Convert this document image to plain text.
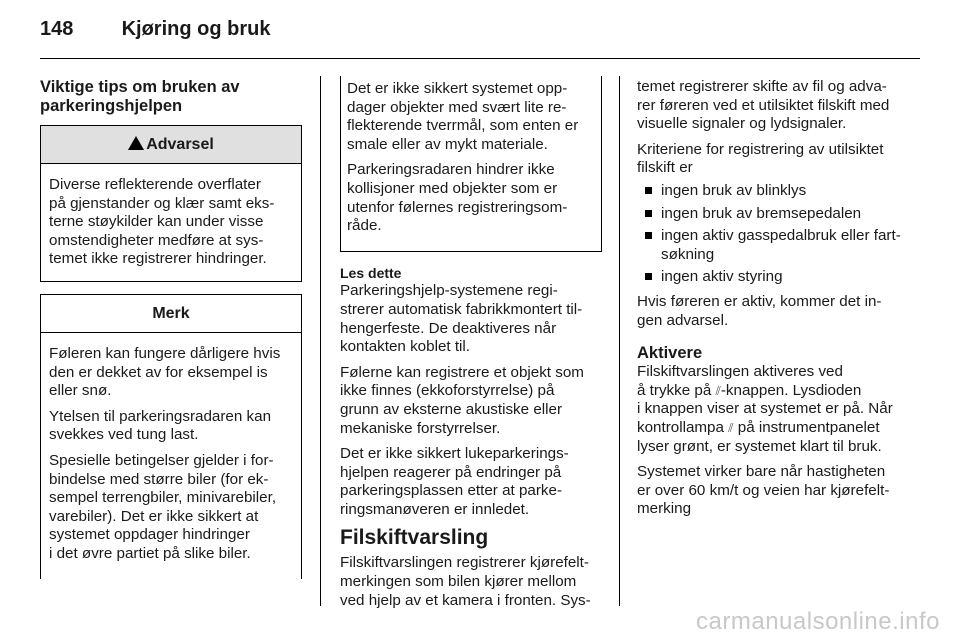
148 Kjøring og bruk
Viktige tips om bruken av parkeringshjelpen
Advarsel
Diverse reflekterende overflater
på gjenstander og klær samt eks-
terne støykilder kan under visse
omstendigheter medføre at sys-
temet ikke registrerer hindringer.
Merk

Føleren kan fungere dårligere hvis
den er dekket av for eksempel is
eller snø.

Ytelsen til parkeringsradaren kan
svekkes ved tung last.

Spesielle betingelser gjelder i for-
bindelse med større biler (for ek-
sempel terrengbiler, minivarebiler,
varebiler). Det er ikke sikkert at
systemet oppdager hindringer
i det øvre partiet på slike biler.

Det er ikke sikkert systemet opp-
dager objekter med svært lite re-
flekterende tverrmål, som enten er
smale eller av mykt materiale.

Parkeringsradaren hindrer ikke
kollisjoner med objekter som er
utenfor følernes registreringsom-
råde.

Les dette

Parkeringshjelp-systemene regi-
strerer automatisk fabrikkmontert til-
hengerfeste. De deaktiveres når
kontakten koblet til.

Følerne kan registrere et objekt som
ikke finnes (ekkoforstyrrelse) på
grunn av eksterne akustiske eller
mekaniske forstyrrelser.

Det er ikke sikkert lukeparkerings-
hjelpen reagerer på endringer på
parkeringsplassen etter at parke-
ringsmanøveren er innledet.

Filskiftvarsling
Filskiftvarslingen registrerer kjørefelt-
merkingen som bilen kjører mellom
ved hjelp av et kamera i fronten. Sys-

temet registrerer skifte av fil og adva-
rer føreren ved et utilsiktet filskift med
visuelle signaler og lydsignaler.

Kriteriene for registrering av utilsiktet
filskift er

ingen bruk av blinklys
ingen bruk av bremsepedalen
ingen aktiv gasspedalbruk eller fart-
søkning
ingen aktiv styring

Hvis føreren er aktiv, kommer det in-
gen advarsel.

Aktivere

Filskiftvarslingen aktiveres ved
å trykke på ⫽-knappen. Lysdioden
i knappen viser at systemet er på. Når
kontrollampa ⫽ på instrumentpanelet
lyser grønt, er systemet klart til bruk.

Systemet virker bare når hastigheten
er over 60 km/t og veien har kjørefelt-
merking

carmanualsonline.info
